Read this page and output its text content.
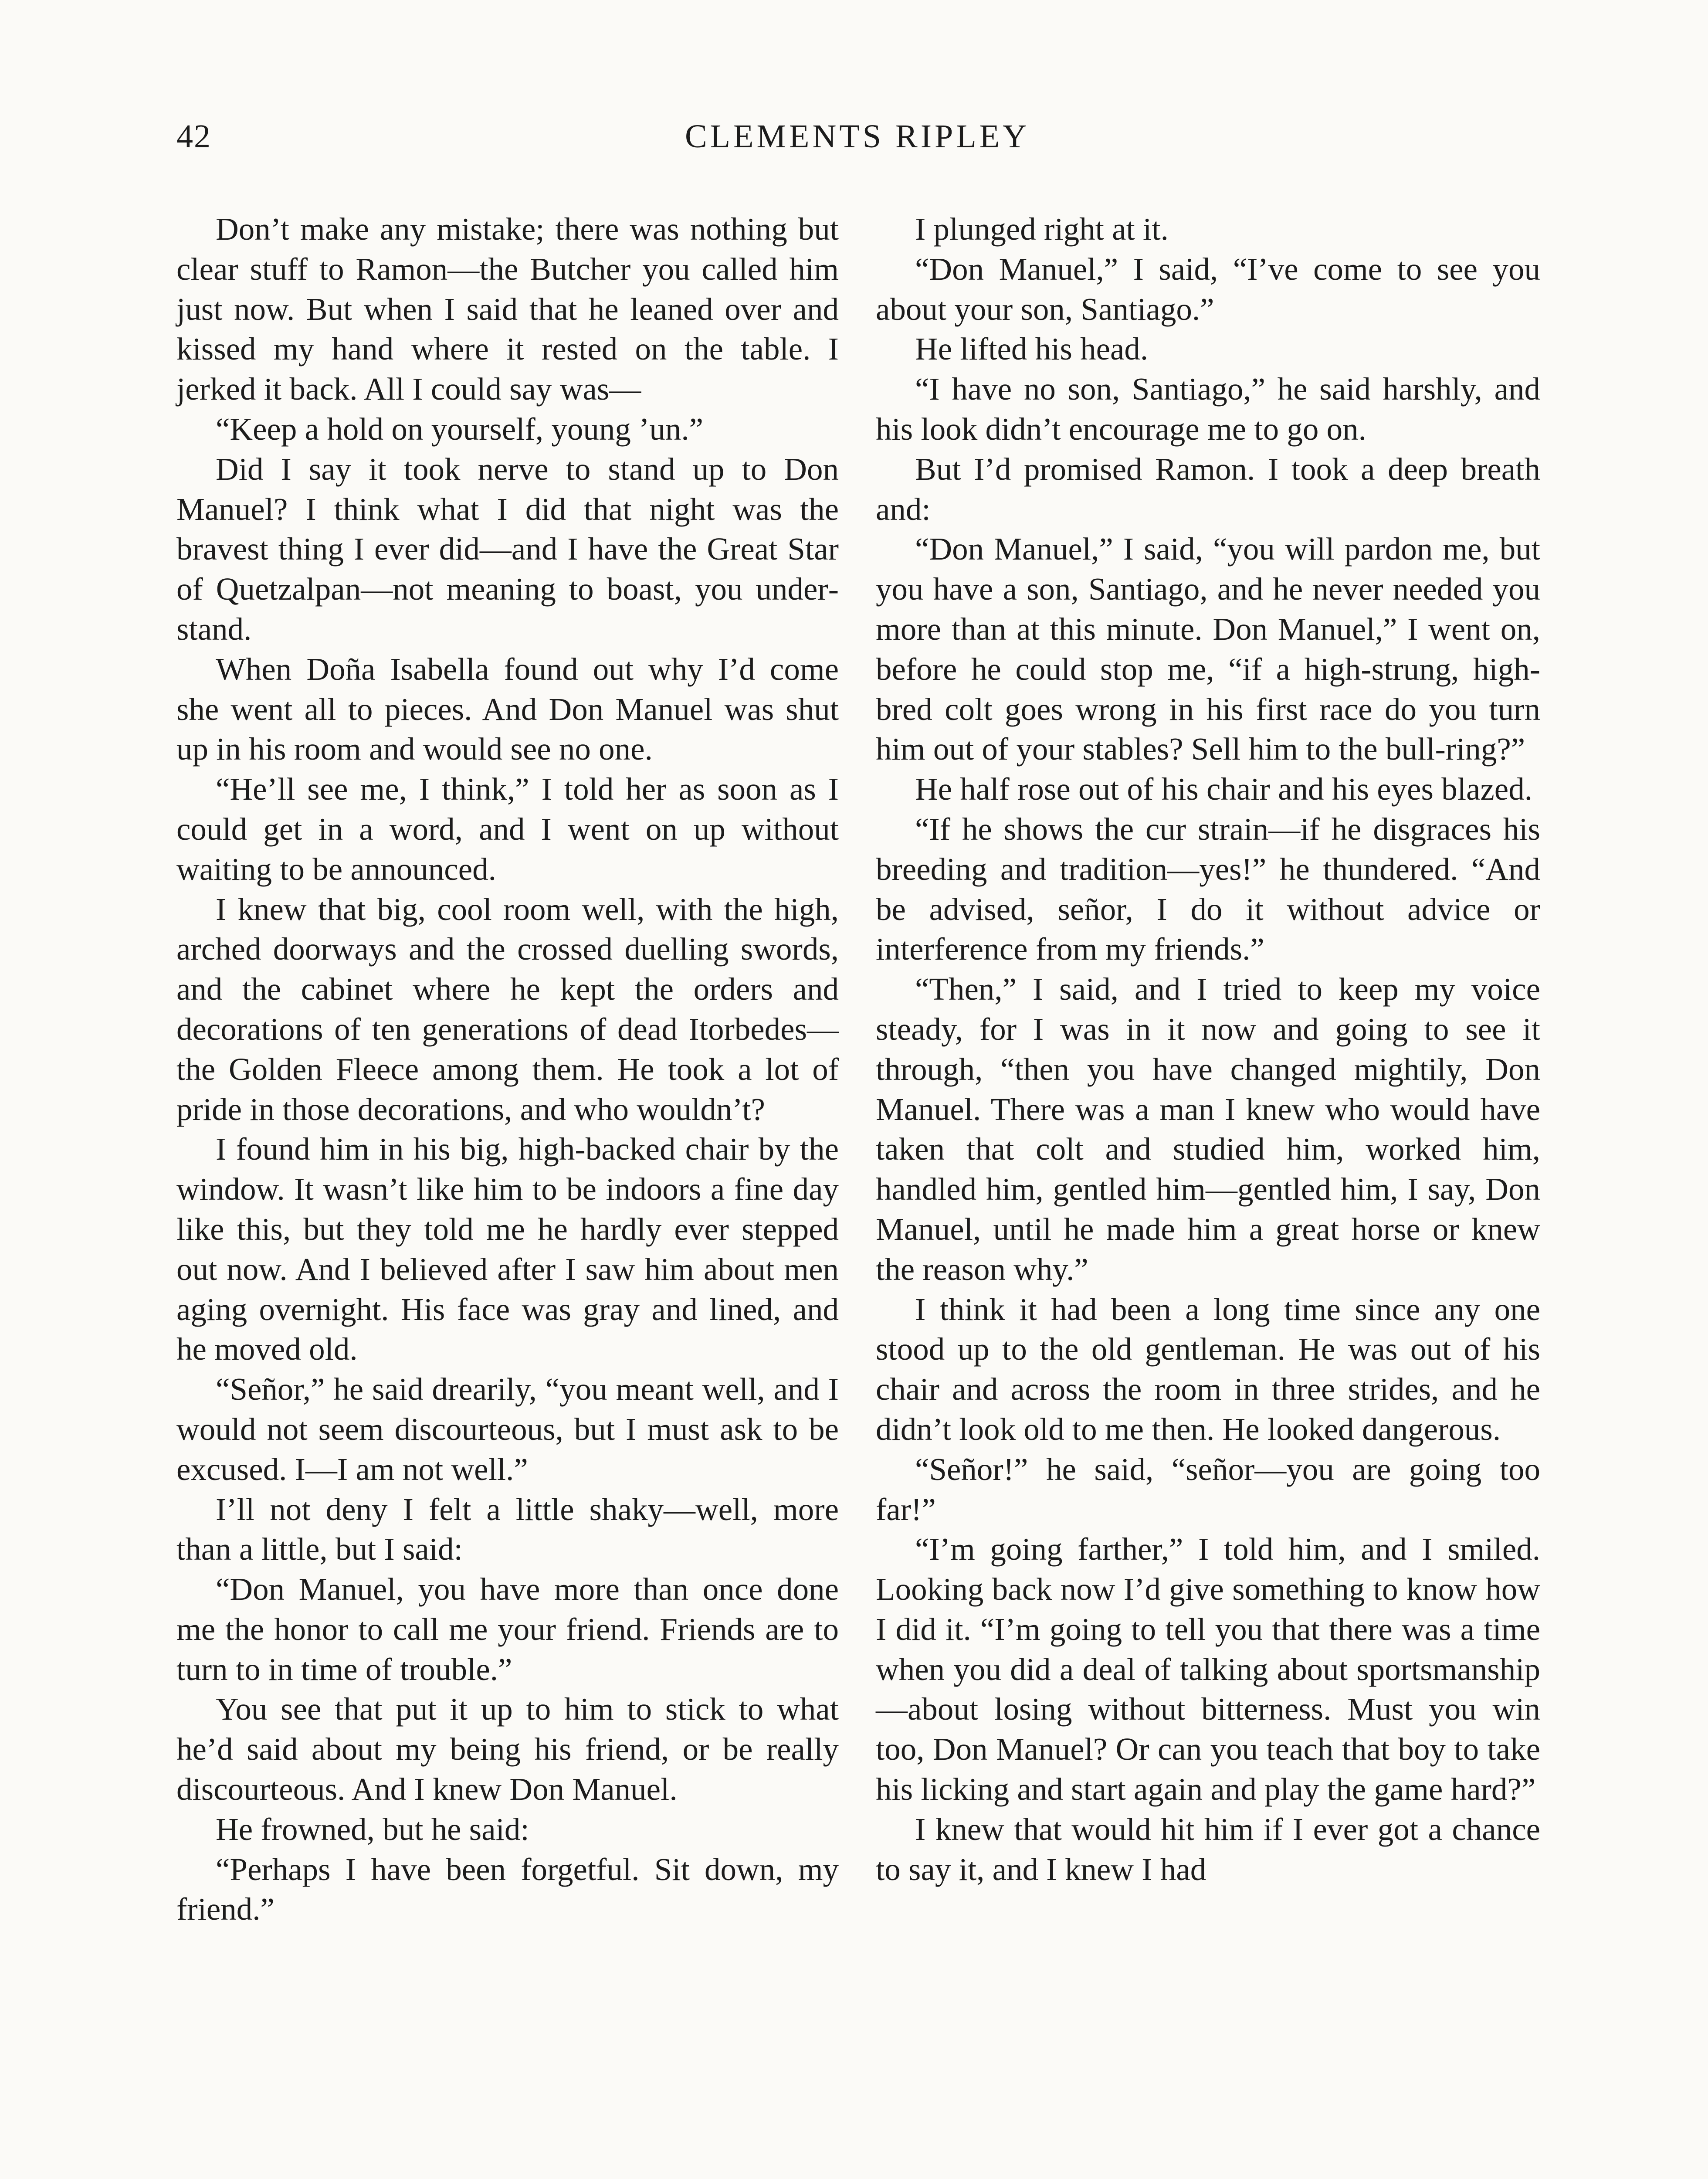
42	CLEMENTS RIPLEY

Don’t make any mistake; there was nothing but clear stuff to Ramon—the Butcher you called him just now. But when I said that he leaned over and kissed my hand where it rested on the table. I jerked it back. All I could say was—

“Keep a hold on yourself, young ’un.”

Did I say it took nerve to stand up to Don Manuel? I think what I did that night was the bravest thing I ever did—and I have the Great Star of Quetzalpan—not meaning to boast, you understand.

When Doña Isabella found out why I’d come she went all to pieces. And Don Manuel was shut up in his room and would see no one.

“He’ll see me, I think,” I told her as soon as I could get in a word, and I went on up without waiting to be announced.

I knew that big, cool room well, with the high, arched doorways and the crossed duelling swords, and the cabinet where he kept the orders and decorations of ten generations of dead Itorbedes—the Golden Fleece among them. He took a lot of pride in those decorations, and who wouldn’t?

I found him in his big, high-backed chair by the window. It wasn’t like him to be indoors a fine day like this, but they told me he hardly ever stepped out now. And I believed after I saw him about men aging overnight. His face was gray and lined, and he moved old.

“Señor,” he said drearily, “you meant well, and I would not seem discourteous, but I must ask to be excused. I—I am not well.”

I’ll not deny I felt a little shaky—well, more than a little, but I said:

“Don Manuel, you have more than once done me the honor to call me your friend. Friends are to turn to in time of trouble.”

You see that put it up to him to stick to what he’d said about my being his friend, or be really discourteous. And I knew Don Manuel.

He frowned, but he said:

“Perhaps I have been forgetful. Sit down, my friend.”

I plunged right at it.

“Don Manuel,” I said, “I’ve come to see you about your son, Santiago.”

He lifted his head.

“I have no son, Santiago,” he said harshly, and his look didn’t encourage me to go on.

But I’d promised Ramon. I took a deep breath and:

“Don Manuel,” I said, “you will pardon me, but you have a son, Santiago, and he never needed you more than at this minute. Don Manuel,” I went on, before he could stop me, “if a high-strung, high-bred colt goes wrong in his first race do you turn him out of your stables? Sell him to the bull-ring?”

He half rose out of his chair and his eyes blazed.

“If he shows the cur strain—if he disgraces his breeding and tradition—yes!” he thundered. “And be advised, señor, I do it without advice or interference from my friends.”

“Then,” I said, and I tried to keep my voice steady, for I was in it now and going to see it through, “then you have changed mightily, Don Manuel. There was a man I knew who would have taken that colt and studied him, worked him, handled him, gentled him—gentled him, I say, Don Manuel, until he made him a great horse or knew the reason why.”

I think it had been a long time since any one stood up to the old gentleman. He was out of his chair and across the room in three strides, and he didn’t look old to me then. He looked dangerous.

“Señor!” he said, “señor—you are going too far!”

“I’m going farther,” I told him, and I smiled. Looking back now I’d give something to know how I did it. “I’m going to tell you that there was a time when you did a deal of talking about sportsmanship—about losing without bitterness. Must you win too, Don Manuel? Or can you teach that boy to take his licking and start again and play the game hard?”

I knew that would hit him if I ever got a chance to say it, and I knew I had
